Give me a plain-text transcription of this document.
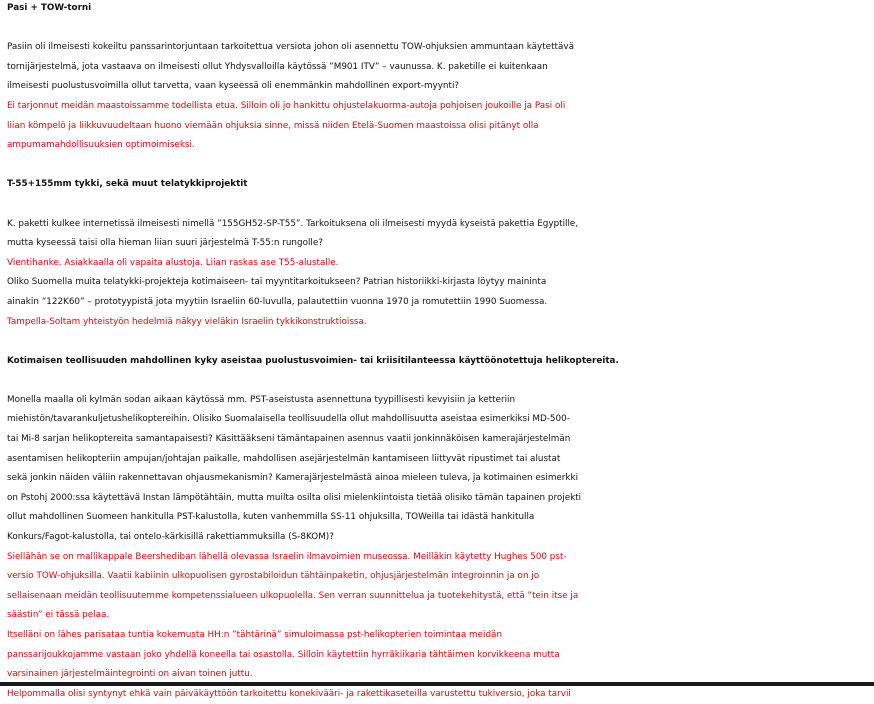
Pasi + TOW-torni

Pasiin oli ilmeisesti kokeiltu panssarintorjuntaan tarkoitettua versiota johon oli asennettu TOW-ohjuksien ammuntaan käytettävä

tornijärjestelmä, jota vastaava on ilmeisesti ollut Yhdysvalloilla käytössä ”M901 ITV” – vaunussa. K. paketille ei kuitenkaan

ilmeisesti puolustusvoimilla ollut tarvetta, vaan kyseessä oli enemmänkin mahdollinen export-myynti?

Ei tarjonnut meidän maastoissamme todellista etua. Silloin oli jo hankittu ohjustelakuorma-autoja pohjoisen joukoille ja Pasi oli

liian kömpelö ja liikkuvuudeltaan huono viemään ohjuksia sinne, missä niiden Etelä-Suomen maastoissa olisi pitänyt olla

ampumamahdollisuuksien optimoimiseksi.

T-55+155mm tykki, sekä muut telatykkiprojektit

K. paketti kulkee internetissä ilmeisesti nimellä ”155GH52-SP-T55”. Tarkoituksena oli ilmeisesti myydä kyseistä pakettia Egyptille,

mutta kyseessä taisi olla hieman liian suuri järjestelmä T-55:n rungolle?

Vientihanke. Asiakkaalla oli vapaita alustoja. Liian raskas ase T55-alustalle.

Oliko Suomella muita telatykki-projekteja kotimaiseen- tai myyntitarkoitukseen? Patrian historiikki-kirjasta löytyy maininta

ainakin ”122K60” – prototyypistä jota myytiin Israeliin 60-luvulla, palautettiin vuonna 1970 ja romutettiin 1990 Suomessa.

Tampella-Soltam yhteistyön hedelmiä näkyy vieläkin Israelin tykkikonstruktioissa.

Kotimaisen teollisuuden mahdollinen kyky aseistaa puolustusvoimien- tai kriisitilanteessa käyttöönotettuja helikoptereita.

Monella maalla oli kylmän sodan aikaan käytössä mm. PST-aseistusta asennettuna tyypillisesti kevyisiin ja ketteriin

miehistön/tavarankuljetushelikoptereihin. Olisiko Suomalaisella teollisuudella ollut mahdollisuutta aseistaa esimerkiksi MD-500-

tai Mi-8 sarjan helikoptereita samantapaisesti? Käsittääkseni tämäntapainen asennus vaatii jonkinnäköisen kamerajärjestelmän

asentamisen helikopteriin ampujan/johtajan paikalle, mahdollisen asejärjestelmän kantamiseen liittyvät ripustimet tai alustat

sekä jonkin näiden väliin rakennettavan ohjausmekanismin? Kamerajärjestelmästä ainoa mieleen tuleva, ja kotimainen esimerkki

on Pstohj 2000:ssa käytettävä Instan lämpötähtäin, mutta muilta osilta olisi mielenkiintoista tietää olisiko tämän tapainen projekti

ollut mahdollinen Suomeen hankitulla PST-kalustolla, kuten vanhemmilla SS-11 ohjuksilla, TOWeilla tai idästä hankitulla

Konkurs/Fagot-kalustolla, tai ontelo-kärkisillä rakettiammuksilla (S-8KOM)?

Siellähän se on mallikappale Beershediban lähellä olevassa Israelin ilmavoimien museossa. Meilläkin käytetty Hughes 500 pst-

versio TOW-ohjuksilla. Vaatii kabiinin ulkopuolisen gyrostabiloidun tähtäinpaketin, ohjusjärjestelmän integroinnin ja on jo

sellaisenaan meidän teollisuutemme kompetenssialueen ulkopuolella. Sen verran suunnittelua ja tuotekehitystä, että ”tein itse ja

säästin” ei tässä pelaa.

Itselläni on lähes parisataa tuntia kokemusta HH:n ”tähtärinä” simuloimassa pst-helikopterien toimintaa meidän

panssarijoukkojamme vastaan joko yhdellä koneella tai osastolla. Silloin käytettiin hyrräkiikaria tähtäimen korvikkeena mutta

varsinainen järjestelmäintegrointi on aivan toinen juttu.

Helpommalla olisi syntynyt ehkä vain päiväkäyttöön tarkoitettu konekivääri- ja rakettikaseteilla varustettu tukiversio, joka tarvii
